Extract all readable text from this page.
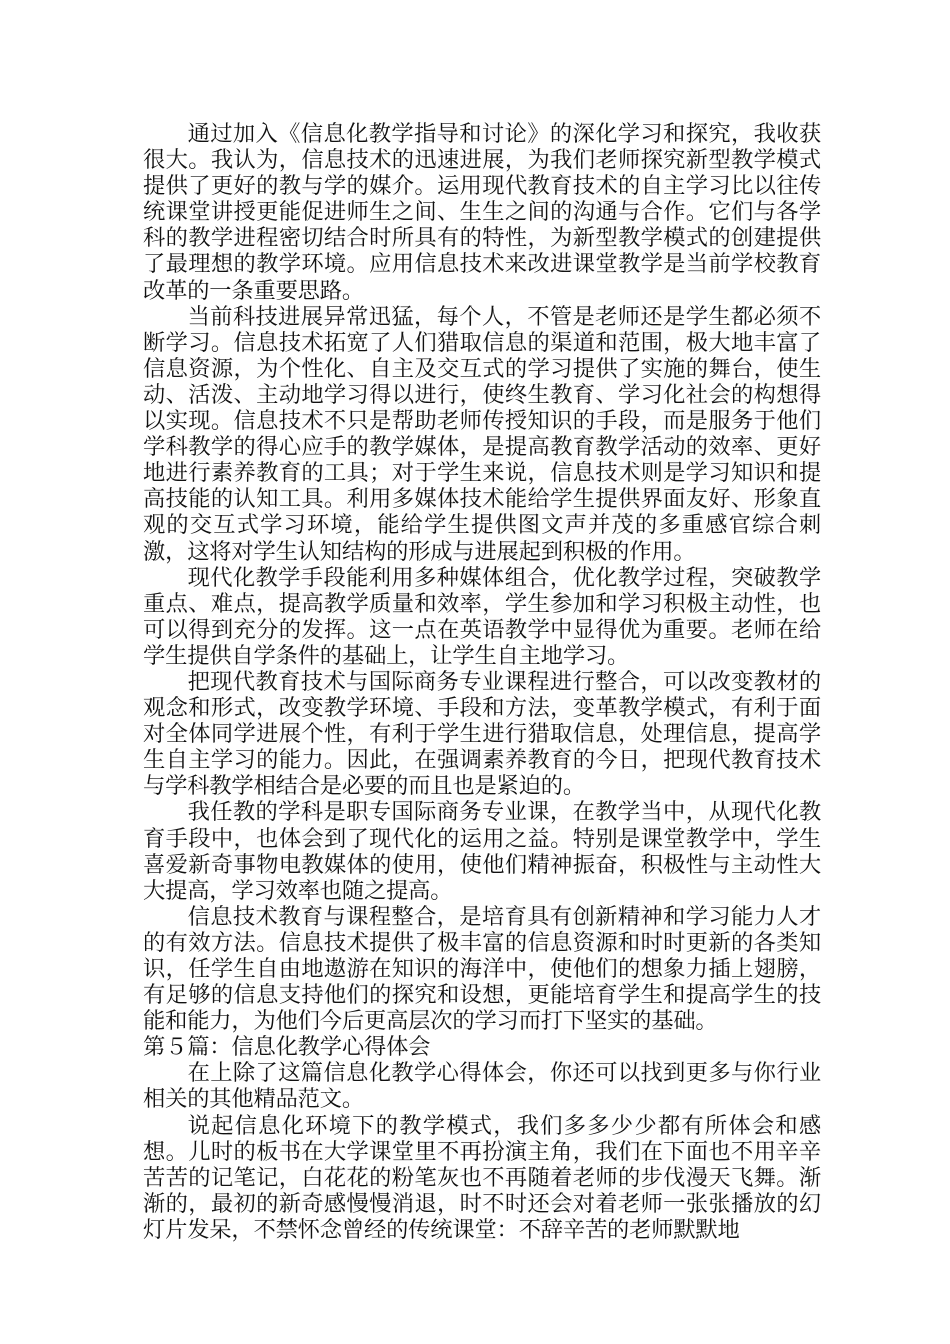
通过加入《信息化教学指导和讨论》的深化学习和探究，我收获很大。我认为，信息技术的迅速进展，为我们老师探究新型教学模式提供了更好的教与学的媒介。运用现代教育技术的自主学习比以往传统课堂讲授更能促进师生之间、生生之间的沟通与合作。它们与各学科的教学进程密切结合时所具有的特性，为新型教学模式的创建提供了最理想的教学环境。应用信息技术来改进课堂教学是当前学校教育改革的一条重要思路。

当前科技进展异常迅猛，每个人，不管是老师还是学生都必须不断学习。信息技术拓宽了人们猎取信息的渠道和范围，极大地丰富了信息资源，为个性化、自主及交互式的学习提供了实施的舞台，使生动、活泼、主动地学习得以进行，使终生教育、学习化社会的构想得以实现。信息技术不只是帮助老师传授知识的手段，而是服务于他们学科教学的得心应手的教学媒体，是提高教育教学活动的效率、更好地进行素养教育的工具；对于学生来说，信息技术则是学习知识和提高技能的认知工具。利用多媒体技术能给学生提供界面友好、形象直观的交互式学习环境，能给学生提供图文声并茂的多重感官综合刺激，这将对学生认知结构的形成与进展起到积极的作用。

现代化教学手段能利用多种媒体组合，优化教学过程，突破教学重点、难点，提高教学质量和效率，学生参加和学习积极主动性，也可以得到充分的发挥。这一点在英语教学中显得优为重要。老师在给学生提供自学条件的基础上，让学生自主地学习。

把现代教育技术与国际商务专业课程进行整合，可以改变教材的观念和形式，改变教学环境、手段和方法，变革教学模式，有利于面对全体同学进展个性，有利于学生进行猎取信息，处理信息，提高学生自主学习的能力。因此，在强调素养教育的今日，把现代教育技术与学科教学相结合是必要的而且也是紧迫的。

我任教的学科是职专国际商务专业课，在教学当中，从现代化教育手段中，也体会到了现代化的运用之益。特别是课堂教学中，学生喜爱新奇事物电教媒体的使用，使他们精神振奋，积极性与主动性大大提高，学习效率也随之提高。

信息技术教育与课程整合，是培育具有创新精神和学习能力人才的有效方法。信息技术提供了极丰富的信息资源和时时更新的各类知识，任学生自由地遨游在知识的海洋中，使他们的想象力插上翅膀，有足够的信息支持他们的探究和设想，更能培育学生和提高学生的技能和能力，为他们今后更高层次的学习而打下坚实的基础。

第５篇：信息化教学心得体会

在上除了这篇信息化教学心得体会，你还可以找到更多与你行业相关的其他精品范文。

说起信息化环境下的教学模式，我们多多少少都有所体会和感想。儿时的板书在大学课堂里不再扮演主角，我们在下面也不用辛辛苦苦的记笔记，白花花的粉笔灰也不再随着老师的步伐漫天飞舞。渐渐的，最初的新奇感慢慢消退，时不时还会对着老师一张张播放的幻灯片发呆，不禁怀念曾经的传统课堂：不辞辛苦的老师默默地
